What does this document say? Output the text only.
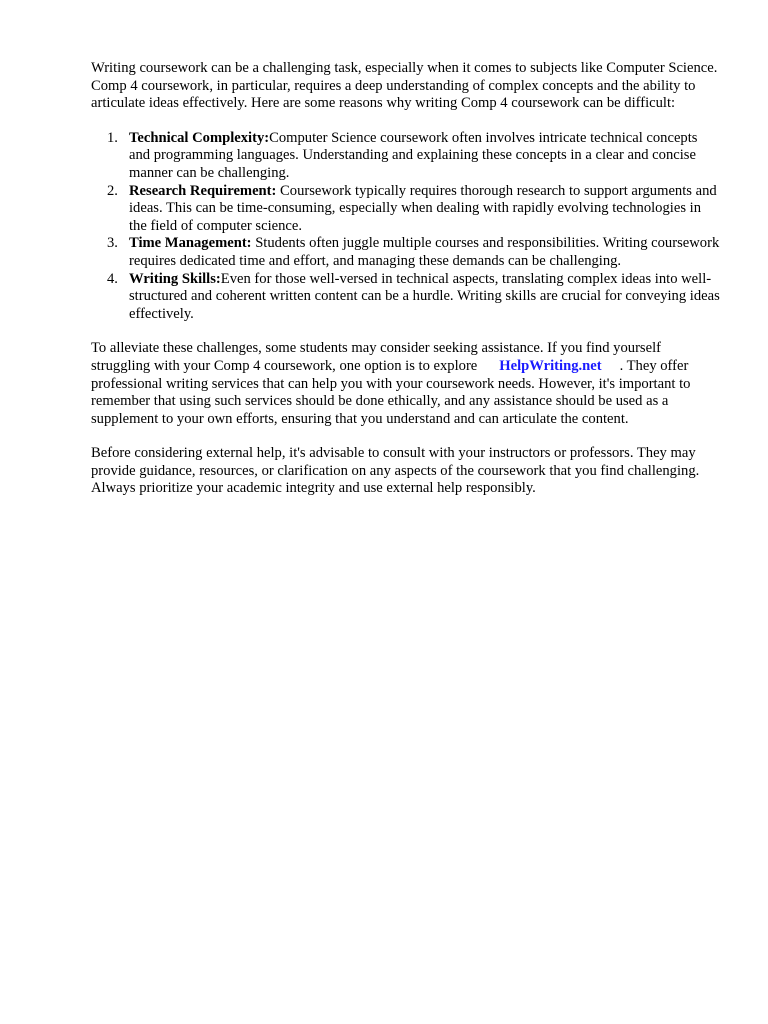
Writing coursework can be a challenging task, especially when it comes to subjects like Computer Science. Comp 4 coursework, in particular, requires a deep understanding of complex concepts and the ability to articulate ideas effectively. Here are some reasons why writing Comp 4 coursework can be difficult:

1. Technical Complexity:Computer Science coursework often involves intricate technical concepts and programming languages. Understanding and explaining these concepts in a clear and concise manner can be challenging.
2. Research Requirement: Coursework typically requires thorough research to support arguments and ideas. This can be time-consuming, especially when dealing with rapidly evolving technologies in the field of computer science.
3. Time Management: Students often juggle multiple courses and responsibilities. Writing coursework requires dedicated time and effort, and managing these demands can be challenging.
4. Writing Skills:Even for those well-versed in technical aspects, translating complex ideas into well-structured and coherent written content can be a hurdle. Writing skills are crucial for conveying ideas effectively.

To alleviate these challenges, some students may consider seeking assistance. If you find yourself struggling with your Comp 4 coursework, one option is to explore HelpWriting.net . They offer professional writing services that can help you with your coursework needs. However, it's important to remember that using such services should be done ethically, and any assistance should be used as a supplement to your own efforts, ensuring that you understand and can articulate the content.

Before considering external help, it's advisable to consult with your instructors or professors. They may provide guidance, resources, or clarification on any aspects of the coursework that you find challenging. Always prioritize your academic integrity and use external help responsibly.
